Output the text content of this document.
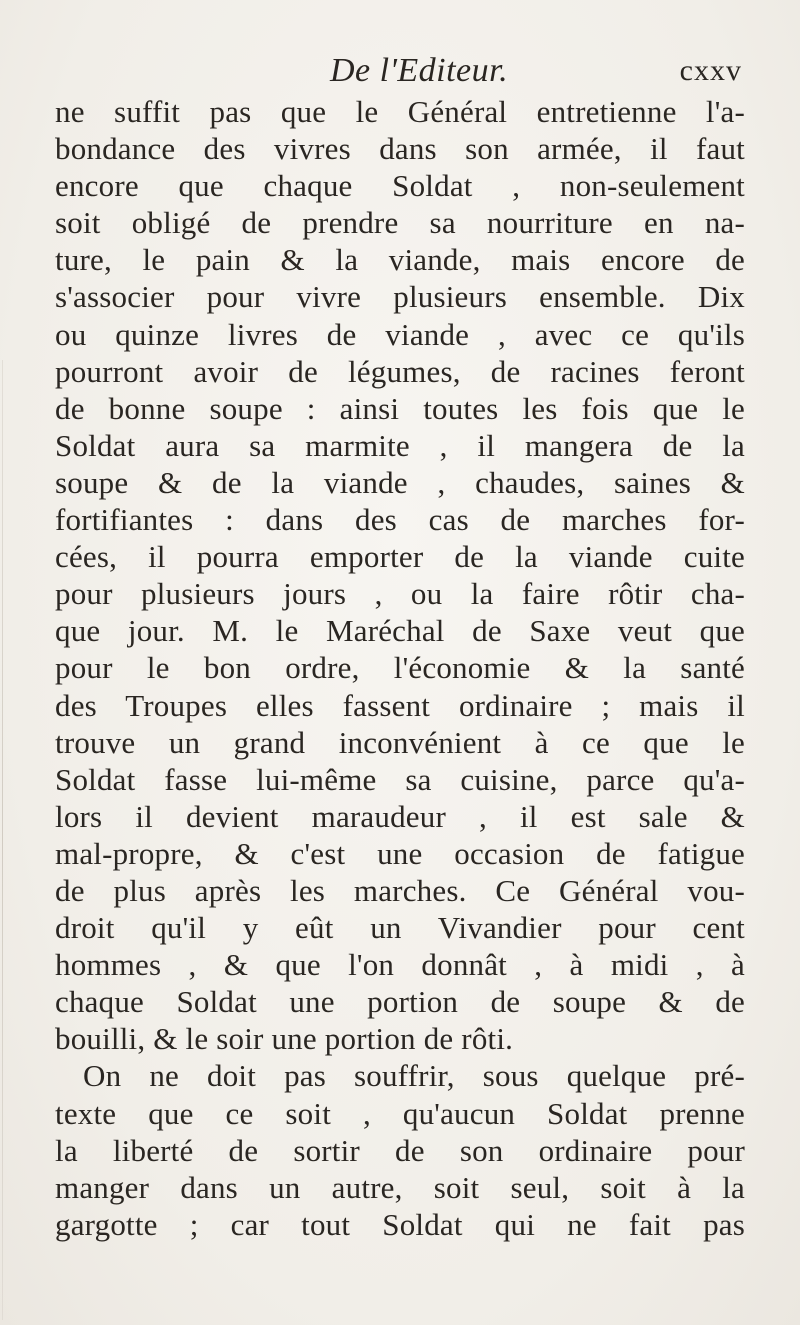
De l'Editeur.	cxxv
ne suffit pas que le Général entretienne l'a-
bondance des vivres dans son armée, il faut
encore que chaque Soldat , non-seulement
soit obligé de prendre sa nourriture en na-
ture, le pain & la viande, mais encore de
s'associer pour vivre plusieurs ensemble. Dix
ou quinze livres de viande , avec ce qu'ils
pourront avoir de légumes, de racines feront
de bonne soupe : ainsi toutes les fois que le
Soldat aura sa marmite , il mangera de la
soupe & de la viande , chaudes, saines &
fortifiantes : dans des cas de marches for-
cées, il pourra emporter de la viande cuite
pour plusieurs jours , ou la faire rôtir cha-
que jour. M. le Maréchal de Saxe veut que
pour le bon ordre, l'économie & la santé
des Troupes elles fassent ordinaire ; mais il
trouve un grand inconvénient à ce que le
Soldat fasse lui-même sa cuisine, parce qu'a-
lors il devient maraudeur , il est sale &
mal-propre, & c'est une occasion de fatigue
de plus après les marches. Ce Général vou-
droit qu'il y eût un Vivandier pour cent
hommes , & que l'on donnât , à midi , à
chaque Soldat une portion de soupe & de
bouilli, & le soir une portion de rôti.
On ne doit pas souffrir, sous quelque pré-
texte que ce soit , qu'aucun Soldat prenne
la liberté de sortir de son ordinaire pour
manger dans un autre, soit seul, soit à la
gargotte ; car tout Soldat qui ne fait pas
